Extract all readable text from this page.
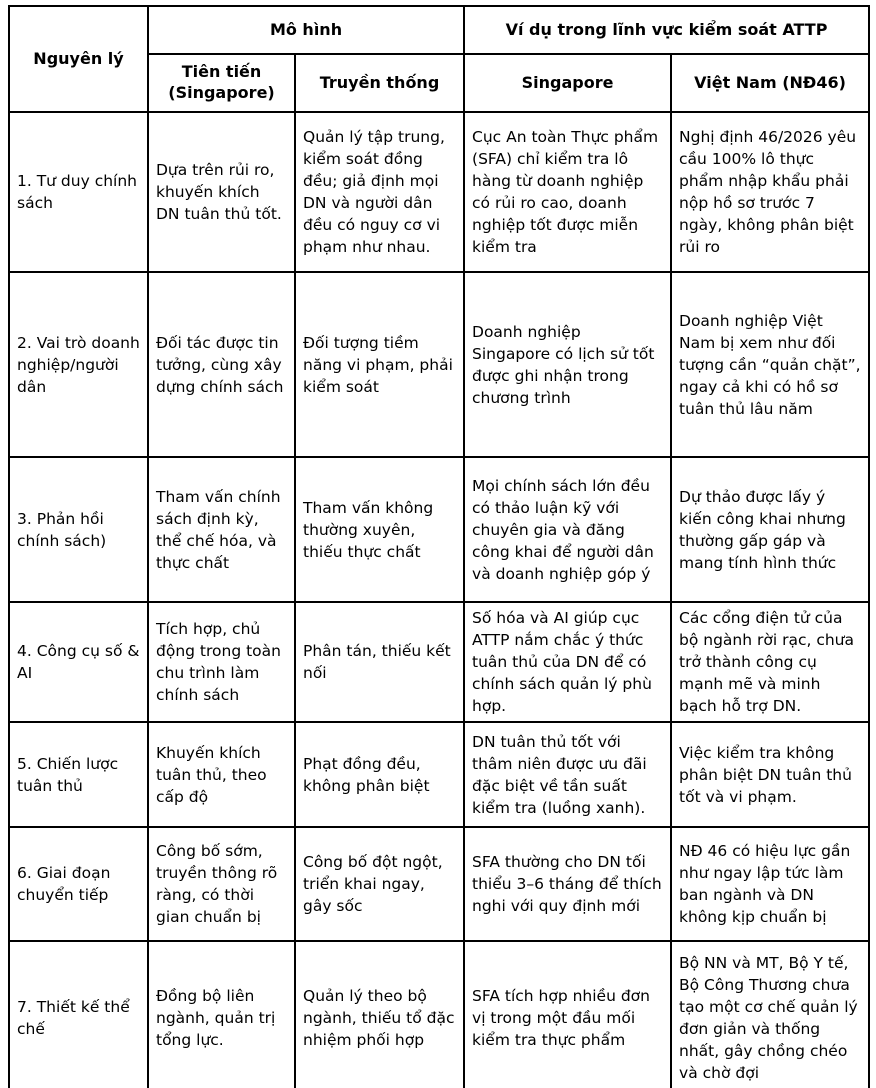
Nguyên lý	Mô hình		Ví dụ trong lĩnh vực kiểm soát ATTP	
	Tiên tiến (Singapore)	Truyền thống	Singapore	Việt Nam (NĐ46)
1. Tư duy chính sách	Dựa trên rủi ro, khuyến khích DN tuân thủ tốt.	Quản lý tập trung, kiểm soát đồng đều; giả định mọi DN và người dân đều có nguy cơ vi phạm như nhau.	Cục An toàn Thực phẩm (SFA) chỉ kiểm tra lô hàng từ doanh nghiệp có rủi ro cao, doanh nghiệp tốt được miễn kiểm tra	Nghị định 46/2026 yêu cầu 100% lô thực phẩm nhập khẩu phải nộp hồ sơ trước 7 ngày, không phân biệt rủi ro
2. Vai trò doanh nghiệp/người dân	Đối tác được tin tưởng, cùng xây dựng chính sách	Đối tượng tiềm năng vi phạm, phải kiểm soát	Doanh nghiệp Singapore có lịch sử tốt được ghi nhận trong chương trình	Doanh nghiệp Việt Nam bị xem như đối tượng cần “quản chặt”, ngay cả khi có hồ sơ tuân thủ lâu năm
3. Phản hồi chính sách)	Tham vấn chính sách định kỳ, thể chế hóa, và thực chất	Tham vấn không thường xuyên, thiếu thực chất	Mọi chính sách lớn đều có thảo luận kỹ với chuyên gia và đăng công khai để người dân và doanh nghiệp góp ý	Dự thảo được lấy ý kiến công khai nhưng thường gấp gáp và mang tính hình thức
4. Công cụ số & AI	Tích hợp, chủ động trong toàn chu trình làm chính sách	Phân tán, thiếu kết nối	Số hóa và AI giúp cục ATTP nắm chắc ý thức tuân thủ của DN để có chính sách quản lý phù hợp.	Các cổng điện tử của bộ ngành rời rạc, chưa trở thành công cụ mạnh mẽ và minh bạch hỗ trợ DN.
5. Chiến lược tuân thủ	Khuyến khích tuân thủ, theo cấp độ	Phạt đồng đều, không phân biệt	DN tuân thủ tốt với thâm niên được ưu đãi đặc biệt về tần suất kiểm tra (luồng xanh).	Việc kiểm tra không phân biệt DN tuân thủ tốt và vi phạm.
6. Giai đoạn chuyển tiếp	Công bố sớm, truyền thông rõ ràng, có thời gian chuẩn bị	Công bố đột ngột, triển khai ngay, gây sốc	SFA thường cho DN tối thiểu 3–6 tháng để thích nghi với quy định mới	NĐ 46 có hiệu lực gần như ngay lập tức làm ban ngành và DN không kịp chuẩn bị
7. Thiết kế thể chế	Đồng bộ liên ngành, quản trị tổng lực.	Quản lý theo bộ ngành, thiếu tổ đặc nhiệm phối hợp	SFA tích hợp nhiều đơn vị trong một đầu mối kiểm tra thực phẩm	Bộ NN và MT, Bộ Y tế, Bộ Công Thương chưa tạo một cơ chế quản lý đơn giản và thống nhất, gây chồng chéo và chờ đợi
